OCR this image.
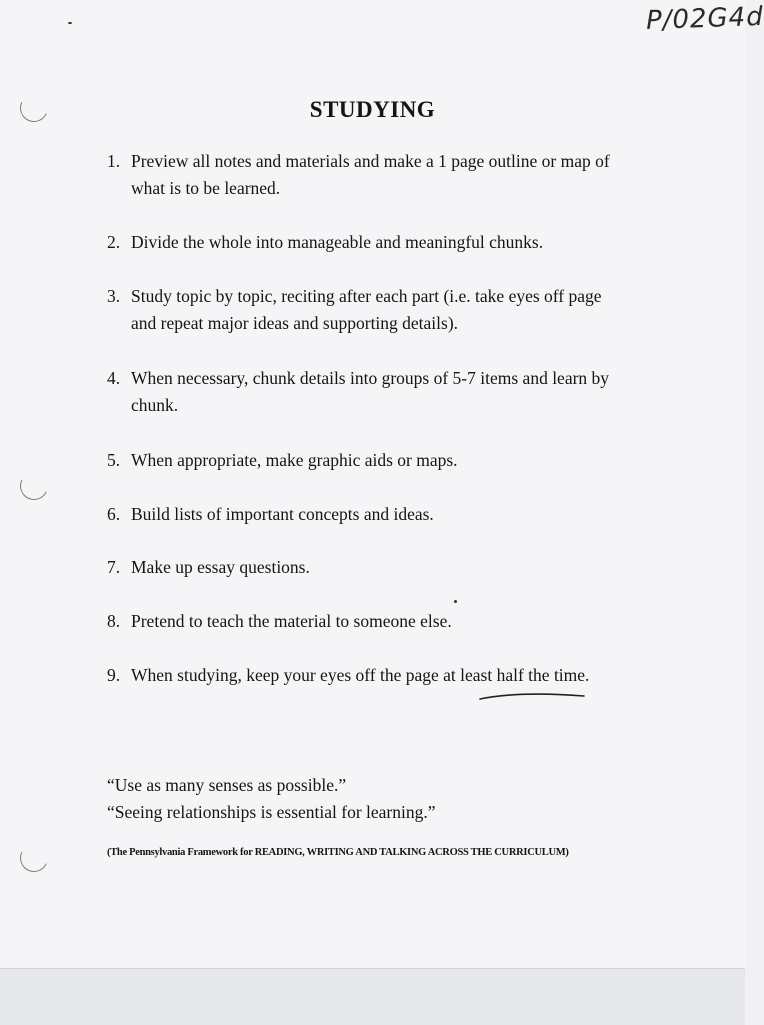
P/02G4d
STUDYING
1. Preview all notes and materials and make a 1 page outline or map of what is to be learned.
2. Divide the whole into manageable and meaningful chunks.
3. Study topic by topic, reciting after each part (i.e. take eyes off page and repeat major ideas and supporting details).
4. When necessary, chunk details into groups of 5-7 items and learn by chunk.
5. When appropriate, make graphic aids or maps.
6. Build lists of important concepts and ideas.
7. Make up essay questions.
8. Pretend to teach the material to someone else.
9. When studying, keep your eyes off the page at least half the time.
“Use as many senses as possible.”
“Seeing relationships is essential for learning.”
(The Pennsylvania Framework for READING, WRITING AND TALKING ACROSS THE CURRICULUM)
